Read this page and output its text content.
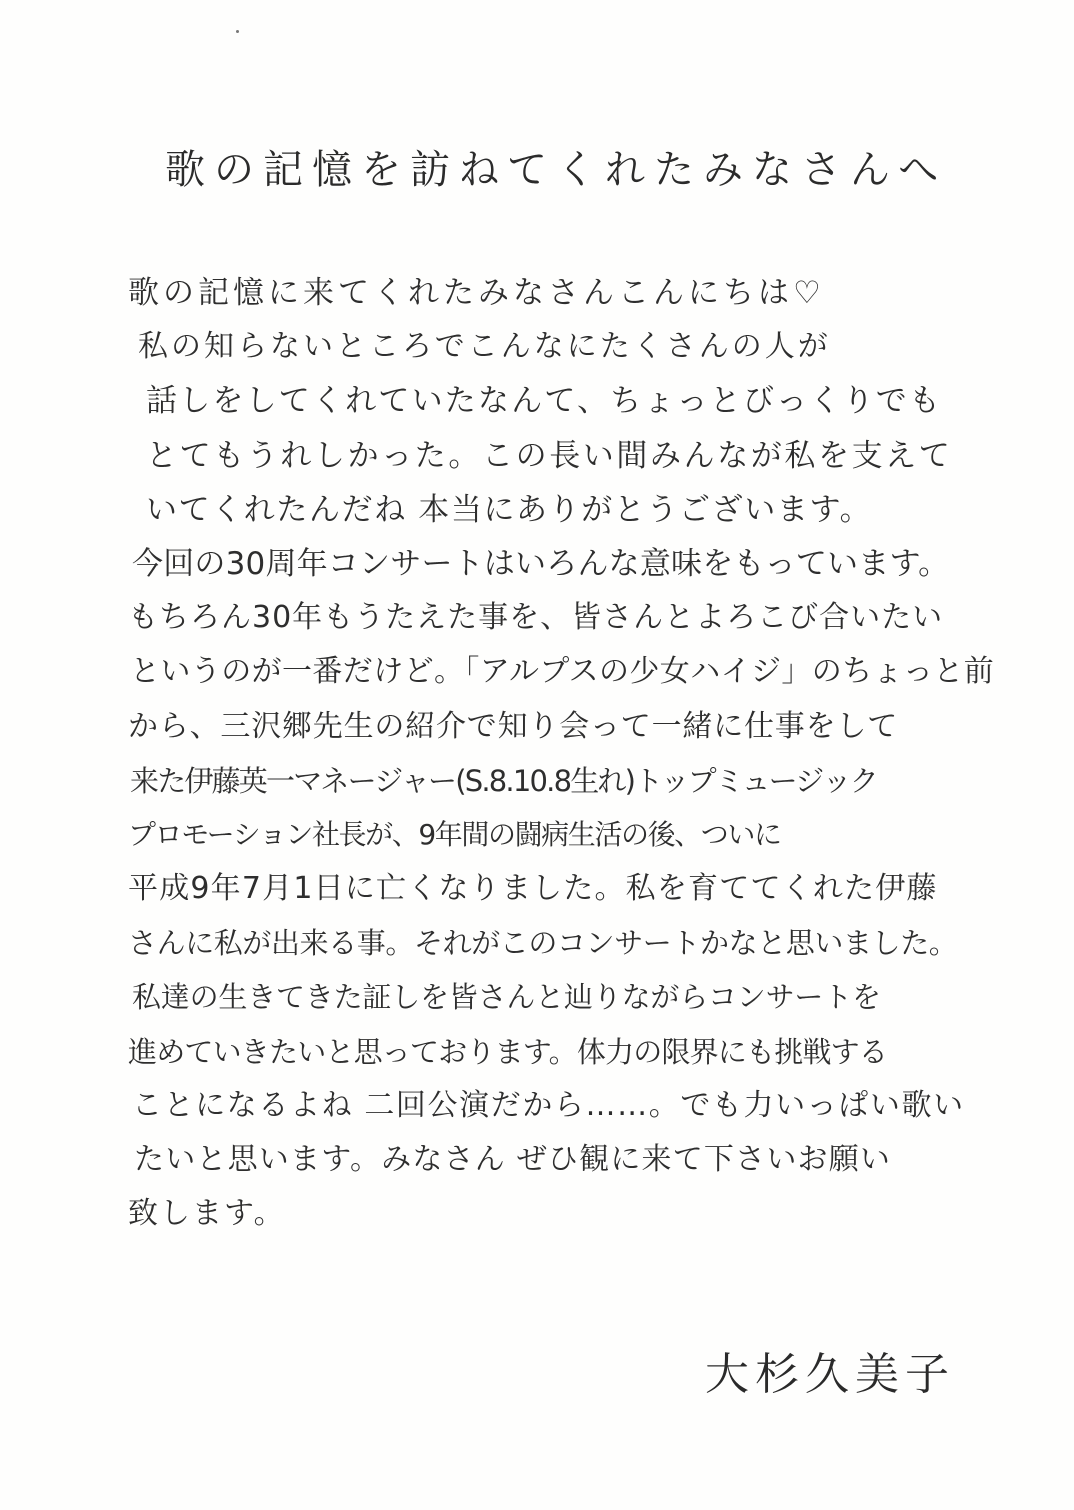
歌の記憶を訪ねてくれたみなさんへ
歌の記憶に来てくれたみなさんこんにちは♡
私の知らないところでこんなにたくさんの人が
話しをしてくれていたなんて、ちょっとびっくりでも
とてもうれしかった。この長い間みんなが私を支えて
いてくれたんだね 本当にありがとうございます。
今回の30周年コンサートはいろんな意味をもっています。
もちろん30年もうたえた事を、皆さんとよろこび合いたい
というのが一番だけど。「アルプスの少女ハイジ」のちょっと前
から、三沢郷先生の紹介で知り会って一緒に仕事をして
来た伊藤英一マネージャー(S.8.10.8生れ)トップミュージック
プロモーション社長が、9年間の闘病生活の後、ついに
平成9年7月1日に亡くなりました。私を育ててくれた伊藤
さんに私が出来る事。それがこのコンサートかなと思いました。
私達の生きてきた証しを皆さんと辿りながらコンサートを
進めていきたいと思っております。体力の限界にも挑戦する
ことになるよね 二回公演だから……。でも力いっぱい歌い
たいと思います。みなさん ぜひ観に来て下さいお願い
致します。
大杉久美子
